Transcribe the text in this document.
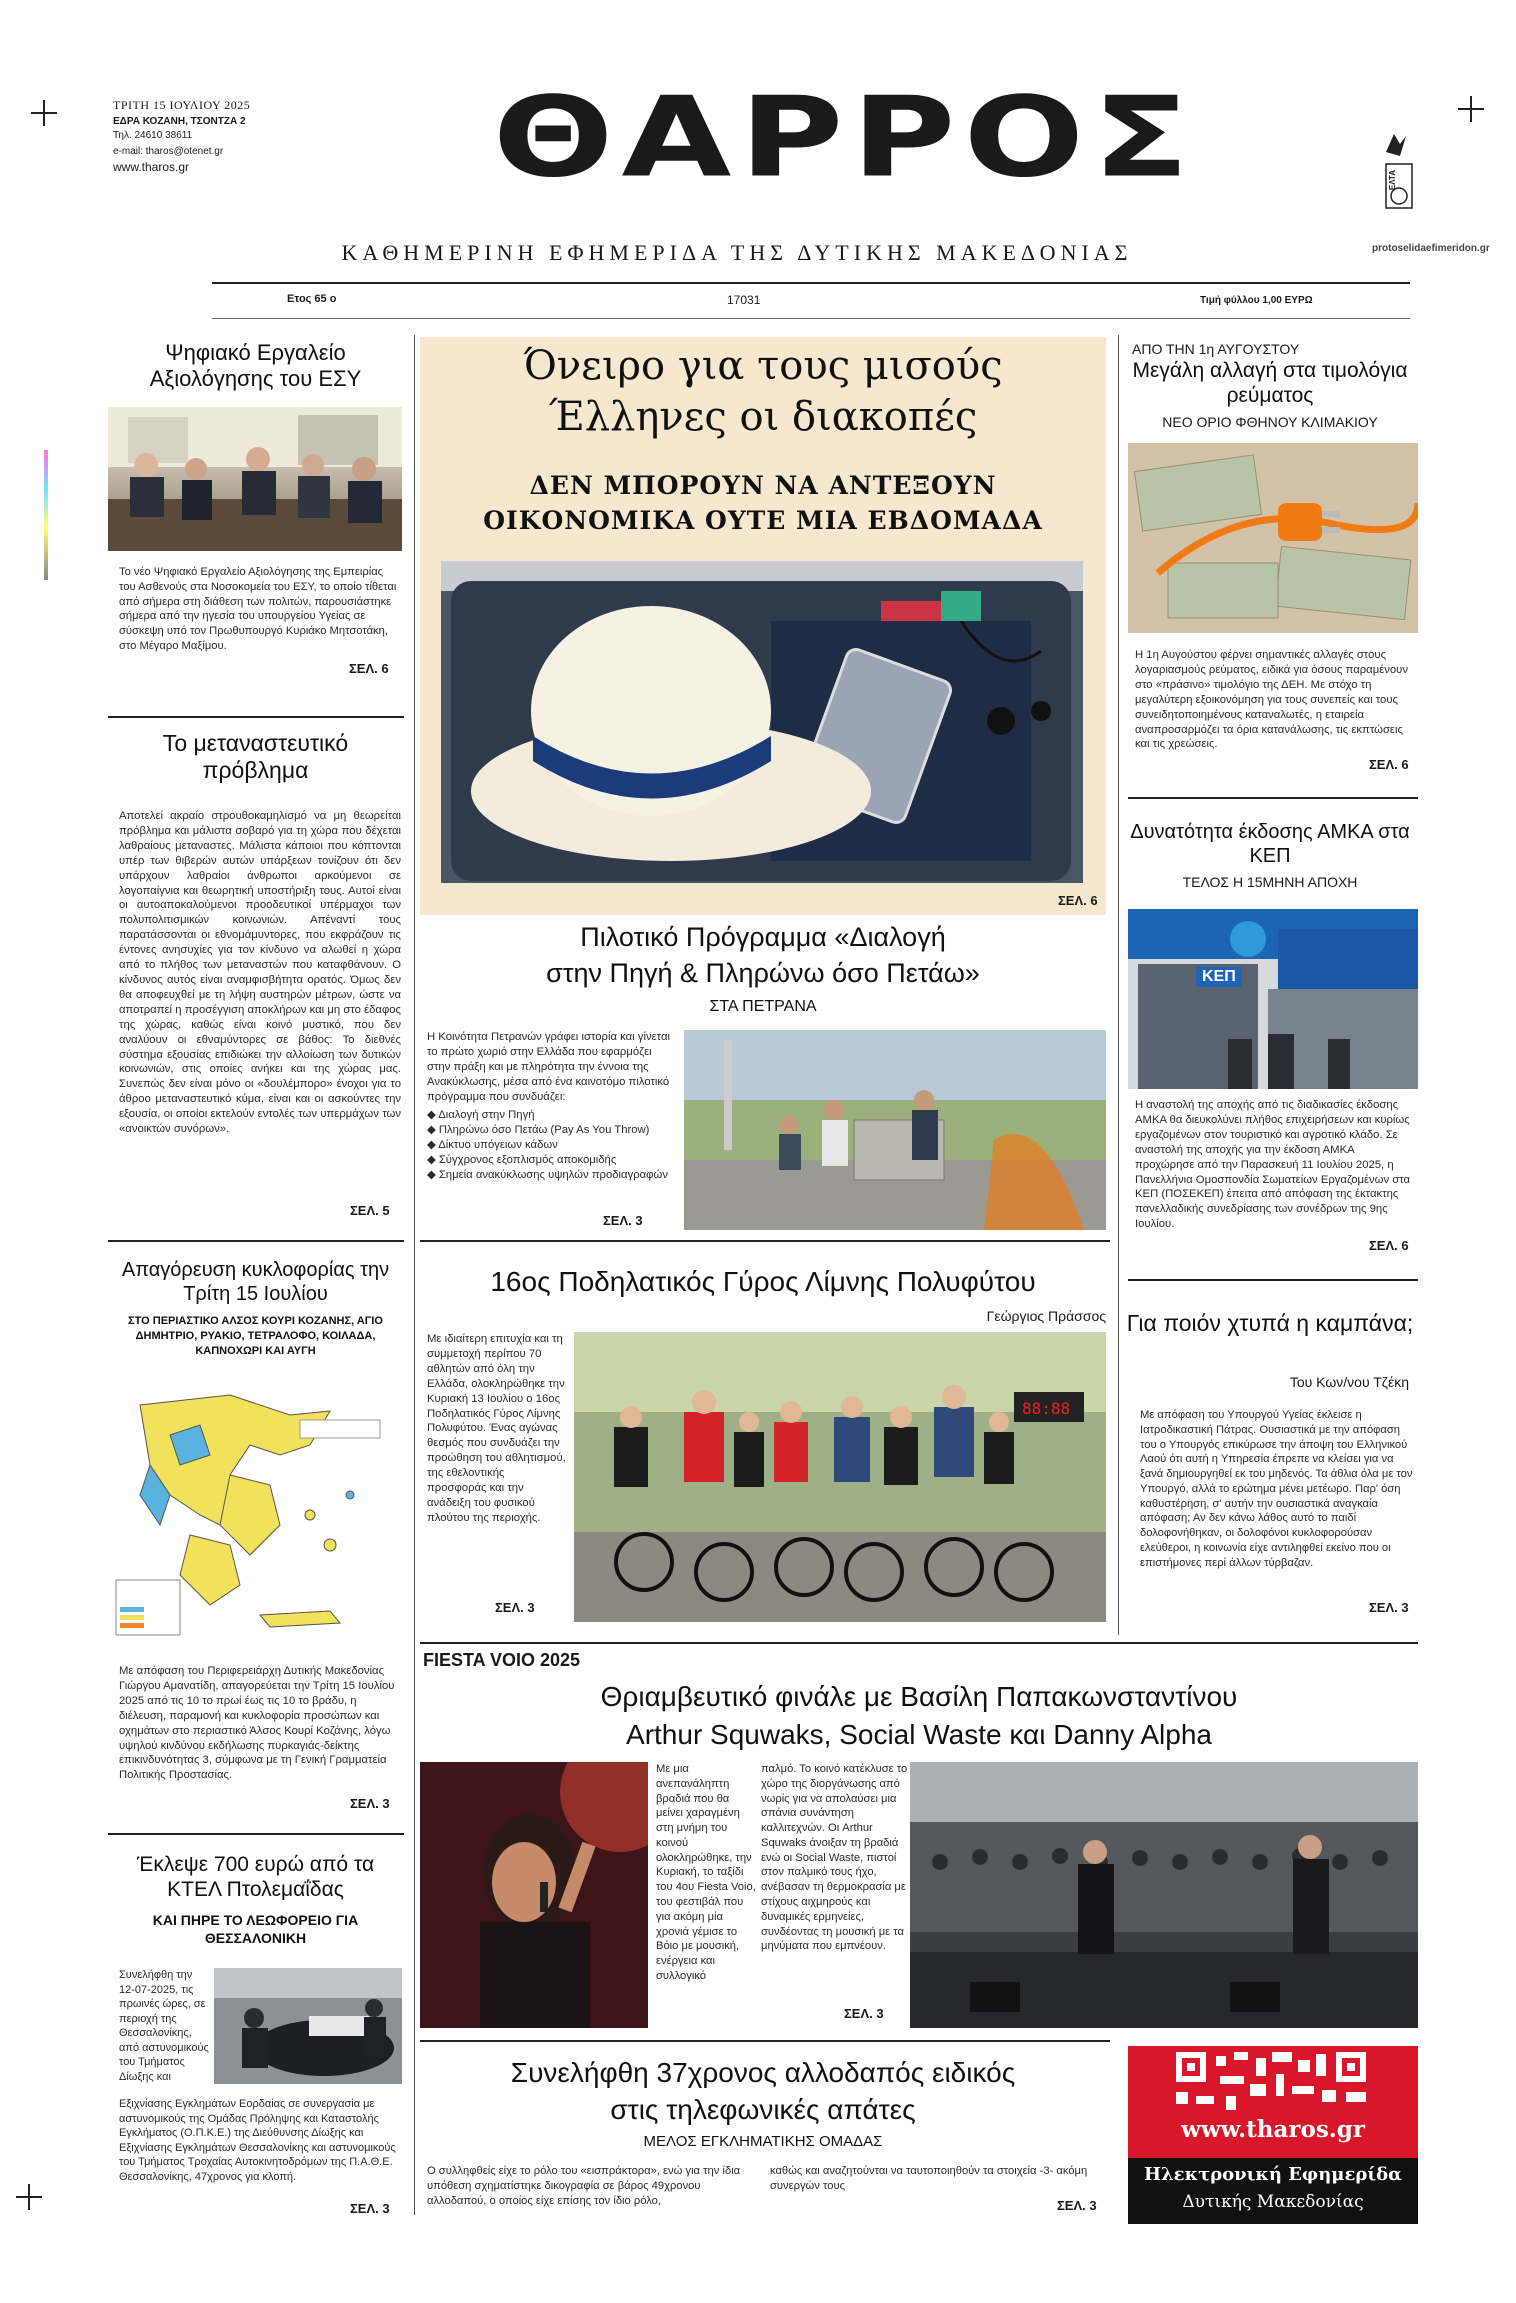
ΤΡΙΤΗ 15 ΙΟΥΛΙΟΥ 2025
ΕΔΡΑ ΚΟΖΑΝΗ, ΤΣΟΝΤΖΑ 2
Τηλ. 24610 38611
e-mail: tharos@otenet.gr
www.tharos.gr	ΘΑΡΡΟΣ
ΚΑΘΗΜΕΡΙΝΗ ΕΦΗΜΕΡΙΔΑ ΤΗΣ ΔΥΤΙΚΗΣ ΜΑΚΕΔΟΝΙΑΣ
Ετος 65 ο	17031	Τιμή φύλλου 1,00 ΕΥΡΩ
ΕΛΤΑ
protoselidaefimeridon.gr
Ψηφιακό Εργαλείο Αξιολόγησης του ΕΣΥ
Το νέο Ψηφιακό Εργαλείο Αξιολόγησης της Εμπειρίας του Ασθενούς στα Νοσοκομεία του ΕΣΥ, το οποίο τίθεται από σήμερα στη διάθεση των πολιτών, παρουσιάστηκε σήμερα από την ηγεσία του υπουργείου Υγείας σε σύσκεψη υπό τον Πρωθυπουργό Κυριάκο Μητσοτάκη, στο Μέγαρο Μαξίμου.
ΣΕΛ. 6
Το μεταναστευτικό πρόβλημα
Αποτελεί ακραίο στρουθοκαμηλισμό να μη θεωρείται πρόβλημα και μάλιστα σοβαρό για τη χώρα που δέχεται λαθραίους μεταναστες. Μάλιστα κάποιοι που κόπτονται υπέρ των θιβερών αυτών υπάρξεων τονίζουν ότι δεν υπάρχουν λαθραίοι άνθρωποι αρκούμενοι σε λογοπαίγνια και θεωρητική υποστήριξη τους. Αυτοί είναι οι αυτοαποκαλούμενοι προοδευτικοί υπέρμαχοι των πολυπολιτισμικών κοινωνιών. Απέναντί τους παρατάσσονται οι εθνομάμυντορες, που εκφράζουν τις έντονες ανησυχίες για τον κίνδυνο να αλωθεί η χώρα από το πλήθος των μεταναστών που καταφθάνουν. Ο κίνδυνος αυτός είναι αναμφισβήτητα ορατός. Όμως δεν θα αποφευχθεί με τη λήψη αυστηρών μέτρων, ώστε να αποτραπεί η προσέγγιση αποκλήρων και μη στο έδαφος της χώρας, καθώς είναι κοινό μυστικό, που δεν αναλύουν οι εθναμύντορες σε βάθος: Το διεθνές σύστημα εξουσίας επιδιώκει την αλλοίωση των δυτικών κοινωνιών, στις οποίες ανήκει και της χώρας μας. Συνεπώς δεν είναι μόνο οι «δουλέμπορο» ένοχοι για το άθροο μεταναστευτικό κύμα, είναι και οι ασκούντες την εξουσία, οι οποίοι εκτελούν εντολές των υπερμάχων των «ανοικτών συνόρων».
ΣΕΛ. 5
Απαγόρευση κυκλοφορίας την Τρίτη 15 Ιουλίου
ΣΤΟ ΠΕΡΙΑΣΤΙΚΟ ΑΛΣΟΣ ΚΟΥΡΙ ΚΟΖΑΝΗΣ, ΑΓΙΟ ΔΗΜΗΤΡΙΟ, ΡΥΑΚΙΟ, ΤΕΤΡΑΛΟΦΟ, ΚΟΙΛΑΔΑ, ΚΑΠΝΟΧΩΡΙ ΚΑΙ ΑΥΓΗ
Με απόφαση του Περιφερειάρχη Δυτικής Μακεδονίας Γιώργου Αμανατίδη, απαγορεύεται την Τρίτη 15 Ιουλίου 2025 από τις 10 το πρωί έως τις 10 το βράδυ, η διέλευση, παραμονή και κυκλοφορία προσώπων και οχημάτων στο περιαστικό Άλσος Κουρί Κοζάνης, λόγω υψηλού κινδύνου εκδήλωσης πυρκαγιάς-δείκτης επικινδυνότητας 3, σύμφωνα με τη Γενική Γραμματεία Πολιτικής Προστασίας.
ΣΕΛ. 3
Έκλεψε 700 ευρώ από τα ΚΤΕΛ Πτολεμαΐδας
ΚΑΙ ΠΗΡΕ ΤΟ ΛΕΩΦΟΡΕΙΟ ΓΙΑ ΘΕΣΣΑΛΟΝΙΚΗ
Συνελήφθη την 12-07-2025, τις πρωινές ώρες, σε περιοχή της Θεσσαλονίκης, από αστυνομικούς του Τμήματος Δίωξης και
Εξιχνίασης Εγκλημάτων Εορδαίας σε συνεργασία με αστυνομικούς της Ομάδας Πρόληψης και Καταστολής Εγκλήματος (Ο.Π.Κ.Ε.) της Διεύθυνσης Δίωξης και Εξιχνίασης Εγκλημάτων Θεσσαλονίκης και αστυνομικούς του Τμήματος Τροχαίας Αυτοκινητοδρόμων της Π.Α.Θ.Ε. Θεσσαλονίκης, 47χρονος για κλοπή.
ΣΕΛ. 3
Όνειρο για τους μισούς
Έλληνες οι διακοπές
ΔΕΝ ΜΠΟΡΟΥΝ ΝΑ ΑΝΤΕΞΟΥΝ
ΟΙΚΟΝΟΜΙΚΑ ΟΥΤΕ ΜΙΑ ΕΒΔΟΜΑΔΑ
ΣΕΛ. 6
Πιλοτικό Πρόγραμμα «Διαλογή
στην Πηγή & Πληρώνω όσο Πετάω»
ΣΤΑ ΠΕΤΡΑΝΑ
Η Κοινότητα Πετρανών γράφει ιστορία και γίνεται το πρώτο χωριό στην Ελλάδα που εφαρμόζει στην πράξη και με πληρότητα την έννοια της Ανακύκλωσης, μέσα από ένα καινοτόμο πιλοτικό πρόγραμμα που συνδυάζει:
◆ Διαλογή στην Πηγή
◆ Πληρώνω όσο Πετάω (Pay As You Throw)
◆ Δίκτυο υπόγειων κάδων
◆ Σύγχρονος εξοπλισμός αποκομιδής
◆ Σημεία ανακύκλωσης υψηλών προδιαγραφών
ΣΕΛ. 3
16ος Ποδηλατικός Γύρος Λίμνης Πολυφύτου
Γεώργιος Πράσσος
Με ιδιαίτερη επιτυχία και τη συμμετοχή περίπου 70 αθλητών από όλη την Ελλάδα, ολοκληρώθηκε την Κυριακή 13 Ιουλίου ο 16ος Ποδηλατικός Γύρος Λίμνης Πολυφύτου. Ένας αγώνας θεσμός που συνδυάζει την προώθηση του αθλητισμού, της εθελοντικής προσφοράς και την ανάδειξη του φυσικού πλούτου της περιοχής.
ΣΕΛ. 3
88:88
ΑΠΟ ΤΗΝ 1η ΑΥΓΟΥΣΤΟΥ
Μεγάλη αλλαγή στα τιμολόγια ρεύματος
ΝΕΟ ΟΡΙΟ ΦΘΗΝΟΥ ΚΛΙΜΑΚΙΟΥ
Η 1η Αυγούστου φέρνει σημαντικές αλλαγές στους λογαριασμούς ρεύματος, ειδικά για όσους παραμένουν στο «πράσινο» τιμολόγιο της ΔΕΗ. Με στόχο τη μεγαλύτερη εξοικονόμηση για τους συνεπείς και τους συνειδητοποιημένους καταναλωτές, η εταιρεία αναπροσαρμόζει τα όρια κατανάλωσης, τις εκπτώσεις και τις χρεώσεις.
ΣΕΛ. 6
Δυνατότητα έκδοσης ΑΜΚΑ στα ΚΕΠ
ΤΕΛΟΣ Η 15ΜΗΝΗ ΑΠΟΧΗ
ΚΕΠ
Η αναστολή της αποχής από τις διαδικασίες έκδοσης ΑΜΚΑ θα διευκολύνει πλήθος επιχειρήσεων και κυρίως εργαζομένων στον τουριστικό και αγροτικό κλάδο. Σε αναστολή της αποχής για την έκδοση ΑΜΚΑ προχώρησε από την Παρασκευή 11 Ιουλίου 2025, η Πανελλήνια Ομοσπονδία Σωματείων Εργαζομένων στα ΚΕΠ (ΠΟΣΕΚΕΠ) έπειτα από απόφαση της έκτακτης πανελλαδικής συνεδρίασης των συνέδρων της 9ης Ιουλίου.
ΣΕΛ. 6
Για ποιόν χτυπά η καμπάνα;
Του Κων/νου Τζέκη
Με απόφαση του Υπουργού Υγείας έκλεισε η Ιατροδικαστική Πάτρας. Ουσιαστικά με την απόφαση του ο Υπουργός επικύρωσε την άποψη του Ελληνικού Λαού ότι αυτή η Υπηρεσία έπρεπε να κλείσει για να ξανά δημιουργηθεί εκ του μηδενός. Τα άθλια όλα με τον Υπουργό, αλλά το ερώτημα μένει μετέωρο. Παρ' όση καθυστέρηση, σ' αυτήν την ουσιαστικά αναγκαία απόφαση; Αν δεν κάνω λάθος αυτό το παιδί δολοφονήθηκαν, οι δολοφόνοι κυκλοφορούσαν ελεύθεροι, η κοινωνία είχε αντιληφθεί εκείνο που οι επιστήμονες περί άλλων τύρβαζαν.
ΣΕΛ. 3
FIESTA VOIO 2025
Θριαμβευτικό φινάλε με Βασίλη Παπακωνσταντίνου
Arthur Squwaks, Social Waste και Danny Alpha
Με μια ανεπανάληπτη βραδιά που θα μείνει χαραγμένη στη μνήμη του κοινού ολοκληρώθηκε, την Κυριακή, το ταξίδι του 4ου Fiesta Voio, του φεστιβάλ που για ακόμη μία χρονιά γέμισε το Βόιο με μουσική, ενέργεια και συλλογικό
παλμό. Το κοινό κατέκλυσε το χώρο της διοργάνωσης από νωρίς για να απολαύσει μια σπάνια συνάντηση καλλιτεχνών. Οι Arthur Squwaks άνοιξαν τη βραδιά ενώ οι Social Waste, πιστοί στον παλμικό τους ήχο, ανέβασαν τη θερμοκρασία με στίχους αιχμηρούς και δυναμικές ερμηνείες, συνδέοντας τη μουσική με τα μηνύματα που εμπνέουν.
ΣΕΛ. 3
Συνελήφθη 37χρονος αλλοδαπός ειδικός
στις τηλεφωνικές απάτες
ΜΕΛΟΣ ΕΓΚΛΗΜΑΤΙΚΗΣ ΟΜΑΔΑΣ
Ο συλληφθείς είχε το ρόλο του «εισπράκτορα», ενώ για την ίδια υπόθεση σχηματίστηκε δικογραφία σε βάρος 49χρονου αλλοδαπού, ο οποίος είχε επίσης τον ίδιο ρόλο,
καθώς και αναζητούνται να ταυτοποιηθούν τα στοιχεία -3- ακόμη συνεργών τους
ΣΕΛ. 3
www.tharos.gr
Ηλεκτρονική Εφημερίδα
Δυτικής Μακεδονίας
